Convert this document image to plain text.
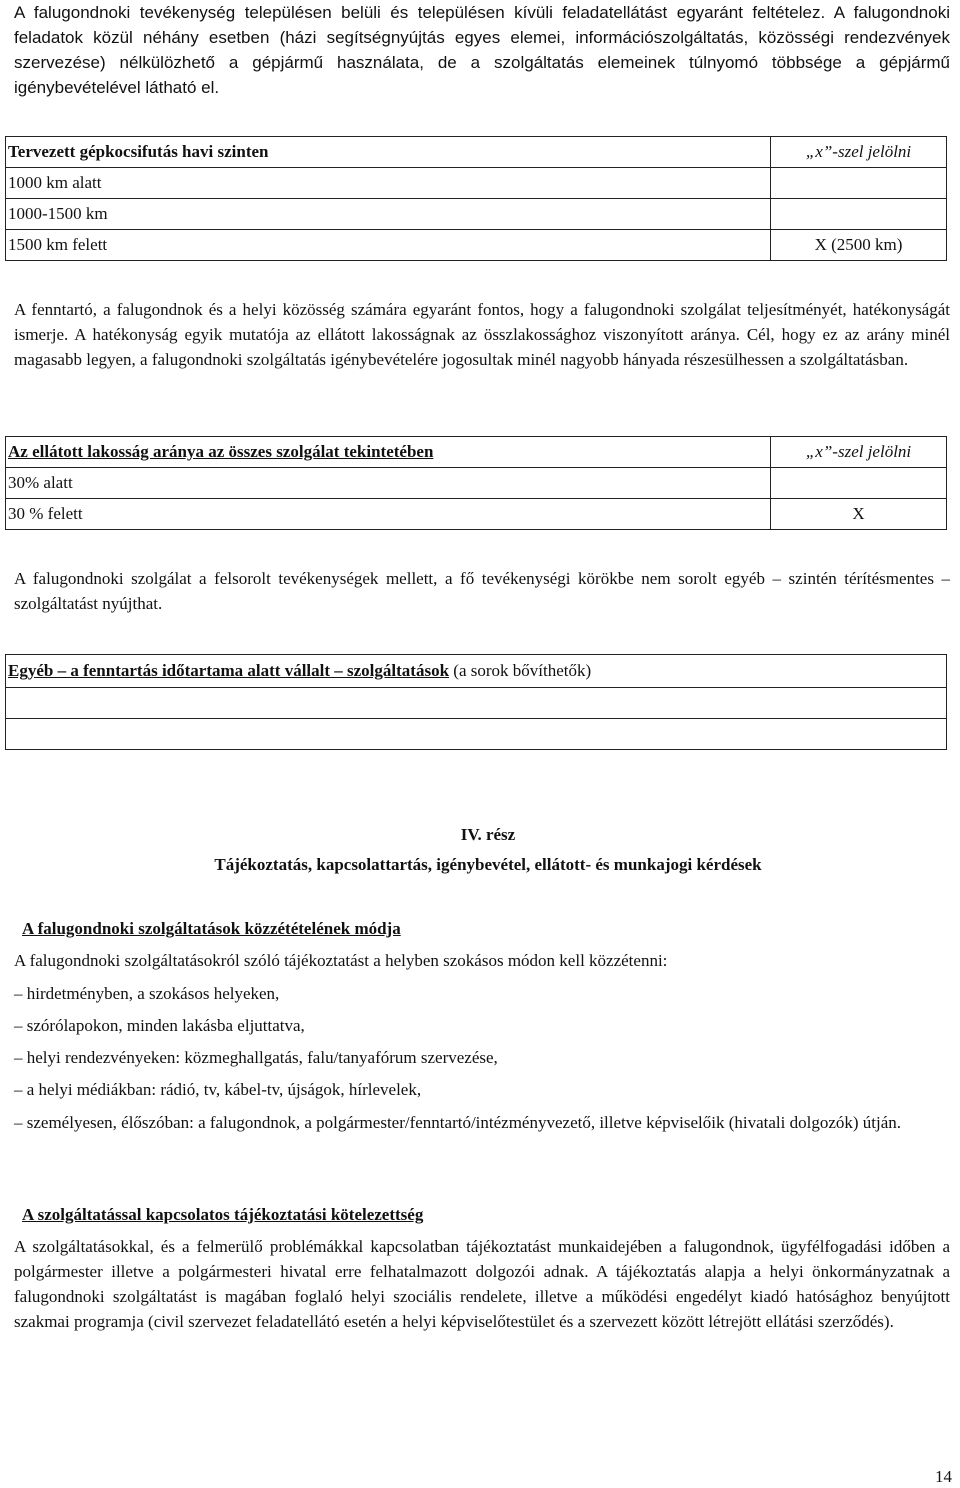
A falugondnoki tevékenység településen belüli és településen kívüli feladatellátást egyaránt feltételez. A falugondnoki feladatok közül néhány esetben (házi segítségnyújtás egyes elemei, információszolgáltatás, közösségi rendezvények szervezése) nélkülözhető a gépjármű használata, de a szolgáltatás elemeinek túlnyomó többsége a gépjármű igénybevételével látható el.

Tervezett gépkocsifutás havi szinten	„x”-szel jelölni
1000 km alatt	
1000-1500 km	
1500 km felett	X (2500 km)

A fenntartó, a falugondnok és a helyi közösség számára egyaránt fontos, hogy a falugondnoki szolgálat teljesítményét, hatékonyságát ismerje. A hatékonyság egyik mutatója az ellátott lakosságnak az összlakossághoz viszonyított aránya. Cél, hogy ez az arány minél magasabb legyen, a falugondnoki szolgáltatás igénybevételére jogosultak minél nagyobb hányada részesülhessen a szolgáltatásban.

Az ellátott lakosság aránya az összes szolgálat tekintetében	„x”-szel jelölni
30% alatt	
30 % felett	X

A falugondnoki szolgálat a felsorolt tevékenységek mellett, a fő tevékenységi körökbe nem sorolt egyéb – szintén térítésmentes – szolgáltatást nyújthat.

Egyéb – a fenntartás időtartama alatt vállalt – szolgáltatások (a sorok bővíthetők)

IV. rész
Tájékoztatás, kapcsolattartás, igénybevétel, ellátott- és munkajogi kérdések

A falugondnoki szolgáltatások közzétételének módja

A falugondnoki szolgáltatásokról szóló tájékoztatást a helyben szokásos módon kell közzétenni:

– hirdetményben, a szokásos helyeken,

– szórólapokon, minden lakásba eljuttatva,

– helyi rendezvényeken: közmeghallgatás, falu/tanyafórum szervezése,

– a helyi médiákban: rádió, tv, kábel-tv, újságok, hírlevelek,

– személyesen, élőszóban: a falugondnok, a polgármester/fenntartó/intézményvezető, illetve képviselőik (hivatali dolgozók) útján.

A szolgáltatással kapcsolatos tájékoztatási kötelezettség

A szolgáltatásokkal, és a felmerülő problémákkal kapcsolatban tájékoztatást munkaidejében a falugondnok, ügyfélfogadási időben a polgármester illetve a polgármesteri hivatal erre felhatalmazott dolgozói adnak. A tájékoztatás alapja a helyi önkormányzatnak a falugondnoki szolgáltatást is magában foglaló helyi szociális rendelete, illetve a működési engedélyt kiadó hatósághoz benyújtott szakmai programja (civil szervezet feladatellátó esetén a helyi képviselőtestület és a szervezett között létrejött ellátási szerződés).

14
